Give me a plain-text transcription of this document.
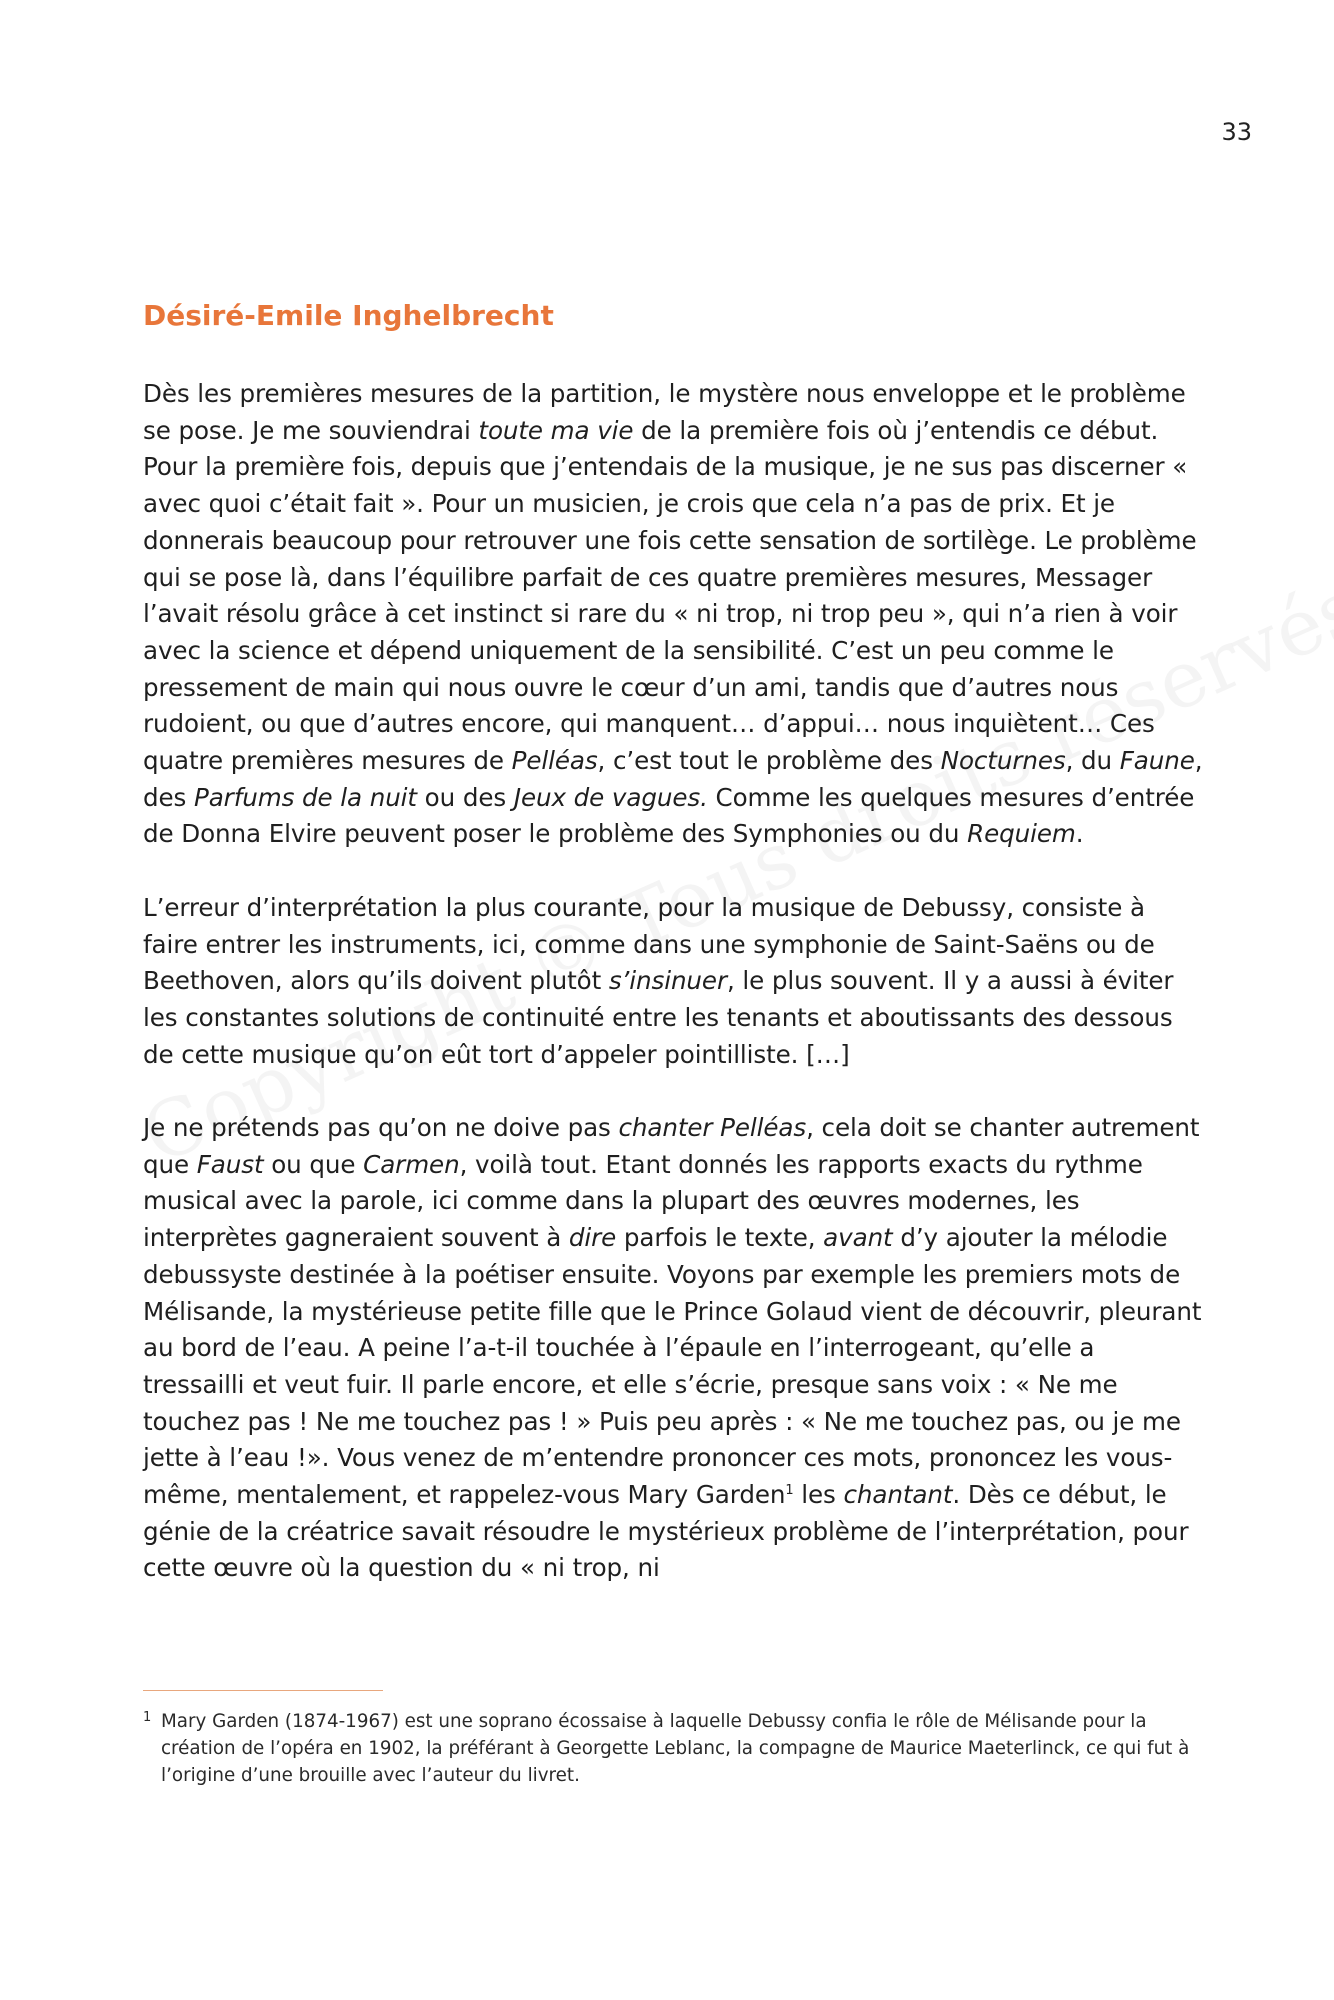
33
Désiré-Emile Inghelbrecht

Dès les premières mesures de la partition, le mystère nous enveloppe et le problème se pose. Je me souviendrai toute ma vie de la première fois où j’entendis ce début. Pour la première fois, depuis que j’entendais de la musique, je ne sus pas discerner « avec quoi c’était fait ». Pour un musicien, je crois que cela n’a pas de prix. Et je donnerais beaucoup pour retrouver une fois cette sensation de sortilège. Le problème qui se pose là, dans l’équilibre parfait de ces quatre premières mesures, Messager l’avait résolu grâce à cet instinct si rare du « ni trop, ni trop peu », qui n’a rien à voir avec la science et dépend uniquement de la sensibilité. C’est un peu comme le pressement de main qui nous ouvre le cœur d’un ami, tandis que d’autres nous rudoient, ou que d’autres encore, qui manquent… d’appui… nous inquiètent… Ces quatre premières mesures de Pelléas, c’est tout le problème des Nocturnes, du Faune, des Parfums de la nuit ou des Jeux de vagues. Comme les quelques mesures d’entrée de Donna Elvire peuvent poser le problème des Symphonies ou du Requiem.

L’erreur d’interprétation la plus courante, pour la musique de Debussy, consiste à faire entrer les instruments, ici, comme dans une symphonie de Saint-Saëns ou de Beethoven, alors qu’ils doivent plutôt s’insinuer, le plus souvent. Il y a aussi à éviter les constantes solutions de continuité entre les tenants et aboutissants des dessous de cette musique qu’on eût tort d’appeler pointilliste. […]

Je ne prétends pas qu’on ne doive pas chanter Pelléas, cela doit se chanter autrement que Faust ou que Carmen, voilà tout. Etant donnés les rapports exacts du rythme musical avec la parole, ici comme dans la plupart des œuvres modernes, les interprètes gagneraient souvent à dire parfois le texte, avant d’y ajouter la mélodie debussyste destinée à la poétiser ensuite. Voyons par exemple les premiers mots de Mélisande, la mystérieuse petite fille que le Prince Golaud vient de découvrir, pleurant au bord de l’eau. A peine l’a-t-il touchée à l’épaule en l’interrogeant, qu’elle a tressailli et veut fuir. Il parle encore, et elle s’écrie, presque sans voix : « Ne me touchez pas ! Ne me touchez pas ! » Puis peu après : « Ne me touchez pas, ou je me jette à l’eau !». Vous venez de m’entendre prononcer ces mots, prononcez les vous-même, mentalement, et rappelez-vous Mary Garden$^1$ les chantant. Dès ce début, le génie de la créatrice savait résoudre le mystérieux problème de l’interprétation, pour cette œuvre où la question du « ni trop, ni

1 Mary Garden (1874-1967) est une soprano écossaise à laquelle Debussy confia le rôle de Mélisande pour la création de l’opéra en 1902, la préférant à Georgette Leblanc, la compagne de Maurice Maeterlinck, ce qui fut à l’origine d’une brouille avec l’auteur du livret.
